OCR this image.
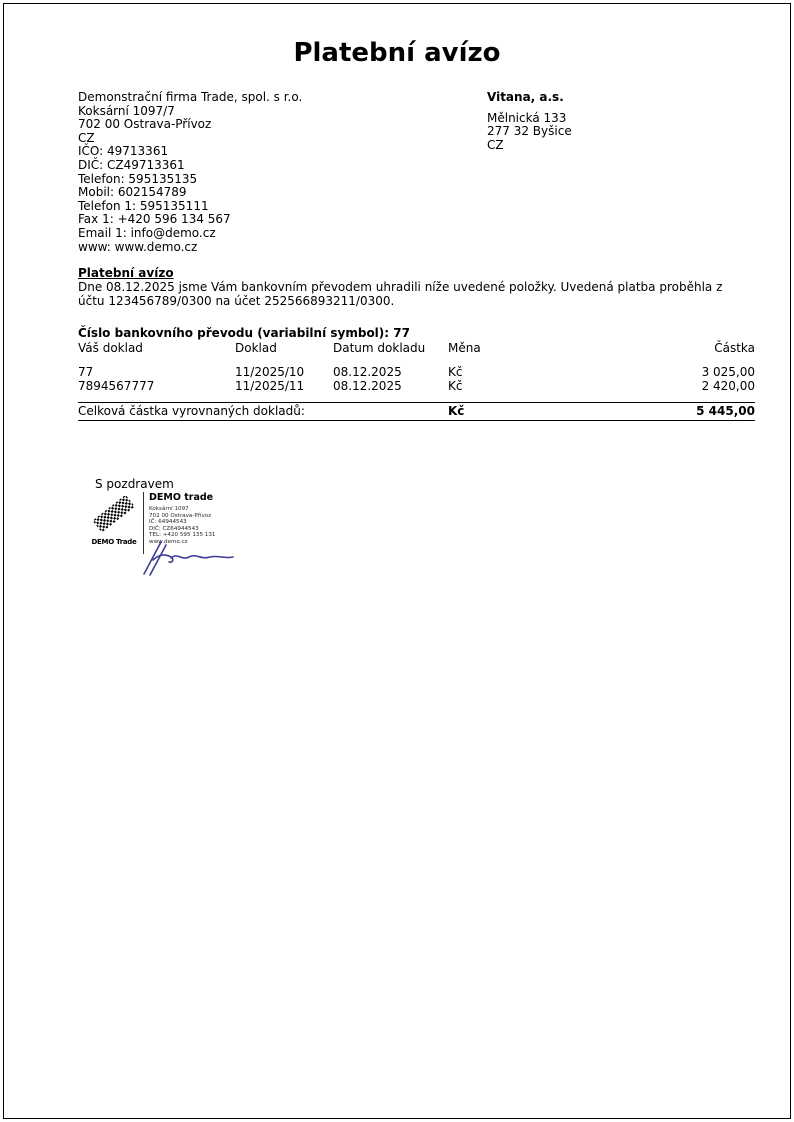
Platební avízo
Demonstrační firma Trade, spol. s r.o.
Koksární 1097/7
702 00 Ostrava-Přívoz
CZ
IČO: 49713361
DIČ: CZ49713361
Telefon: 595135135
Mobil: 602154789
Telefon 1: 595135111
Fax 1: +420 596 134 567
Email 1: info@demo.cz
www: www.demo.cz
Vitana, a.s.
Mělnická 133
277 32 Byšice
CZ
Platební avízo
Dne 08.12.2025 jsme Vám bankovním převodem uhradili níže uvedené položky. Uvedená platba proběhla z účtu 123456789/0300 na účet 252566893211/0300.
Číslo bankovního převodu (variabilní symbol): 77
Váš doklad	Doklad	Datum dokladu	Měna	Částka
77	11/2025/10	08.12.2025	Kč	3 025,00
7894567777	11/2025/11	08.12.2025	Kč	2 420,00
Celková částka vyrovnaných dokladů:	Kč	5 445,00
S pozdravem
DEMO Trade
DEMO trade
Koksární 1097
702 00 Ostrava-Přívoz
IČ: 64944543
DIČ: CZ64944543
TEL: +420 595 135 131
www.demo.cz
